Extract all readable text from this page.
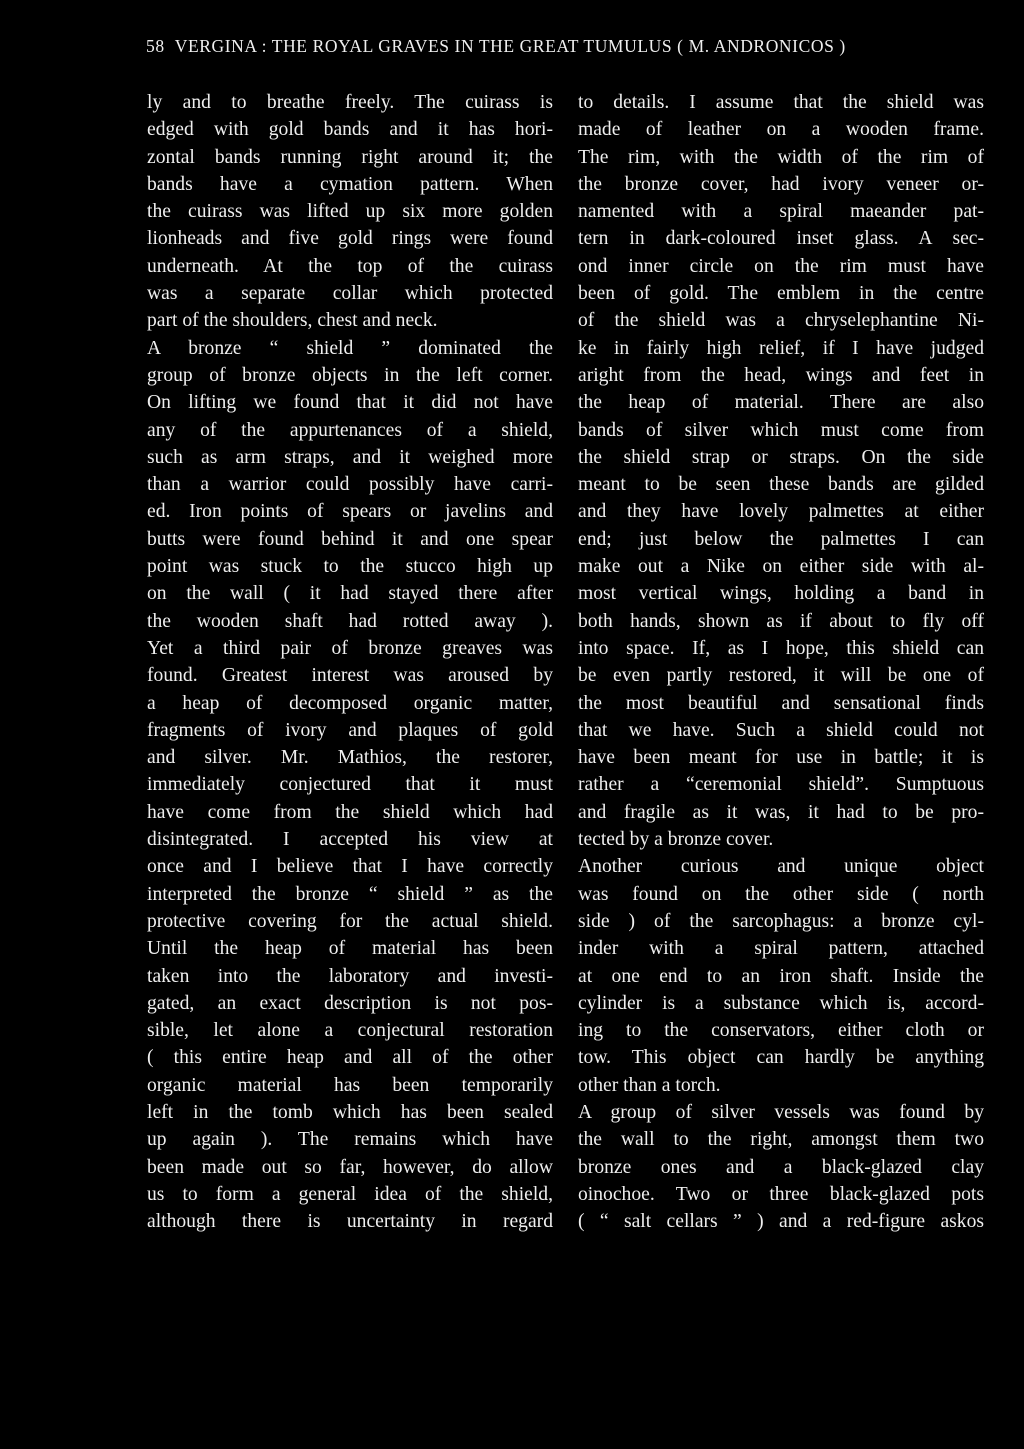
58 VERGINA : THE ROYAL GRAVES IN THE GREAT TUMULUS ( M. ANDRONICOS )
ly and to breathe freely. The cuirass is
edged with gold bands and it has hori-
zontal bands running right around it; the
bands have a cymation pattern. When
the cuirass was lifted up six more golden
lionheads and five gold rings were found
underneath. At the top of the cuirass
was a separate collar which protected
part of the shoulders, chest and neck.
A bronze “ shield ” dominated the
group of bronze objects in the left corner.
On lifting we found that it did not have
any of the appurtenances of a shield,
such as arm straps, and it weighed more
than a warrior could possibly have carri-
ed. Iron points of spears or javelins and
butts were found behind it and one spear
point was stuck to the stucco high up
on the wall ( it had stayed there after
the wooden shaft had rotted away ).
Yet a third pair of bronze greaves was
found. Greatest interest was aroused by
a heap of decomposed organic matter,
fragments of ivory and plaques of gold
and silver. Mr. Mathios, the restorer,
immediately conjectured that it must
have come from the shield which had
disintegrated. I accepted his view at
once and I believe that I have correctly
interpreted the bronze “ shield ” as the
protective covering for the actual shield.
Until the heap of material has been
taken into the laboratory and investi-
gated, an exact description is not pos-
sible, let alone a conjectural restoration
( this entire heap and all of the other
organic material has been temporarily
left in the tomb which has been sealed
up again ). The remains which have
been made out so far, however, do allow
us to form a general idea of the shield,
although there is uncertainty in regard
to details. I assume that the shield was
made of leather on a wooden frame.
The rim, with the width of the rim of
the bronze cover, had ivory veneer or-
namented with a spiral maeander pat-
tern in dark-coloured inset glass. A sec-
ond inner circle on the rim must have
been of gold. The emblem in the centre
of the shield was a chryselephantine Ni-
ke in fairly high relief, if I have judged
aright from the head, wings and feet in
the heap of material. There are also
bands of silver which must come from
the shield strap or straps. On the side
meant to be seen these bands are gilded
and they have lovely palmettes at either
end; just below the palmettes I can
make out a Nike on either side with al-
most vertical wings, holding a band in
both hands, shown as if about to fly off
into space. If, as I hope, this shield can
be even partly restored, it will be one of
the most beautiful and sensational finds
that we have. Such a shield could not
have been meant for use in battle; it is
rather a “ceremonial shield”. Sumptuous
and fragile as it was, it had to be pro-
tected by a bronze cover.
Another curious and unique object
was found on the other side ( north
side ) of the sarcophagus: a bronze cyl-
inder with a spiral pattern, attached
at one end to an iron shaft. Inside the
cylinder is a substance which is, accord-
ing to the conservators, either cloth or
tow. This object can hardly be anything
other than a torch.
A group of silver vessels was found by
the wall to the right, amongst them two
bronze ones and a black-glazed clay
oinochoe. Two or three black-glazed pots
( “ salt cellars ” ) and a red-figure askos
